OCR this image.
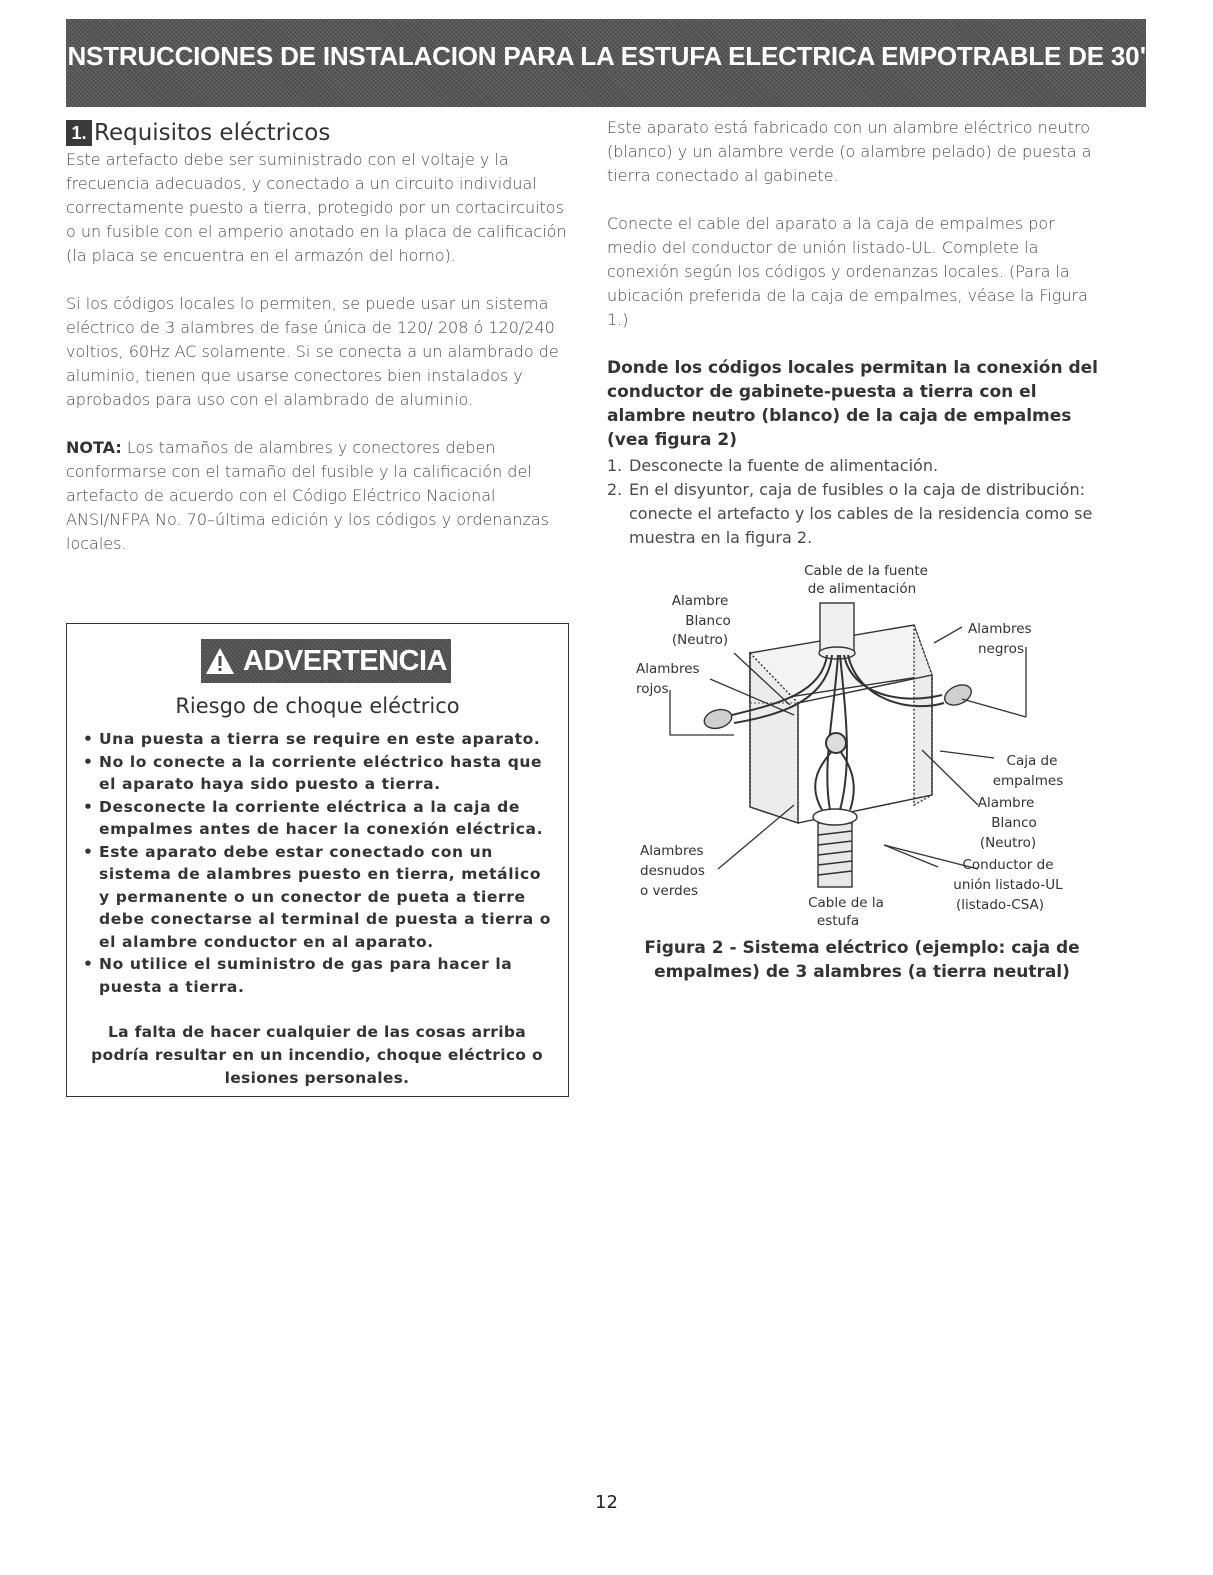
INSTRUCCIONES DE INSTALACION PARA LA ESTUFA ELECTRICA EMPOTRABLE DE 30"
1. Requisitos eléctricos

Este artefacto debe ser suministrado con el voltaje y la frecuencia adecuados, y conectado a un circuito individual correctamente puesto a tierra, protegido por un cortacircuitos o un fusible con el amperio anotado en la placa de calificación (la placa se encuentra en el armazón del horno).

Si los códigos locales lo permiten, se puede usar un sistema eléctrico de 3 alambres de fase única de 120/ 208 ó 120/240 voltios, 60Hz AC solamente. Si se conecta a un alambrado de aluminio, tienen que usarse conectores bien instalados y aprobados para uso con el alambrado de aluminio.

NOTA: Los tamaños de alambres y conectores deben conformarse con el tamaño del fusible y la calificación del artefacto de acuerdo con el Código Eléctrico Nacional ANSI/NFPA No. 70–última edición y los códigos y ordenanzas locales.

ADVERTENCIA
Riesgo de choque eléctrico
• Una puesta a tierra se require en este aparato.
• No lo conecte a la corriente eléctrico hasta que el aparato haya sido puesto a tierra.
• Desconecte la corriente eléctrica a la caja de empalmes antes de hacer la conexión eléctrica.
• Este aparato debe estar conectado con un sistema de alambres puesto en tierra, metálico y permanente o un conector de pueta a tierre debe conectarse al terminal de puesta a tierra o el alambre conductor en al aparato.
• No utilice el suministro de gas para hacer la puesta a tierra.
La falta de hacer cualquier de las cosas arriba podría resultar en un incendio, choque eléctrico o lesiones personales.

Este aparato está fabricado con un alambre eléctrico neutro (blanco) y un alambre verde (o alambre pelado) de puesta a tierra conectado al gabinete.

Conecte el cable del aparato a la caja de empalmes por medio del conductor de unión listado-UL. Complete la conexión según los códigos y ordenanzas locales. (Para la ubicación preferida de la caja de empalmes, véase la Figura 1.)

Donde los códigos locales permitan la conexión del conductor de gabinete-puesta a tierra con el alambre neutro (blanco) de la caja de empalmes (vea figura 2)
1. Desconecte la fuente de alimentación.
2. En el disyuntor, caja de fusibles o la caja de distribución: conecte el artefacto y los cables de la residencia como se muestra en la figura 2.
Cable de la fuente
de alimentación
Alambre
Blanco
(Neutro)
Alambres
negros
Alambres
rojos
Caja de
empalmes
Alambre
Blanco
(Neutro)
Conductor de
unión listado-UL
(listado-CSA)
Alambres
desnudos
o verdes
Cable de la
estufa
Figura 2 - Sistema eléctrico (ejemplo: caja de empalmes) de 3 alambres (a tierra neutral)
12
